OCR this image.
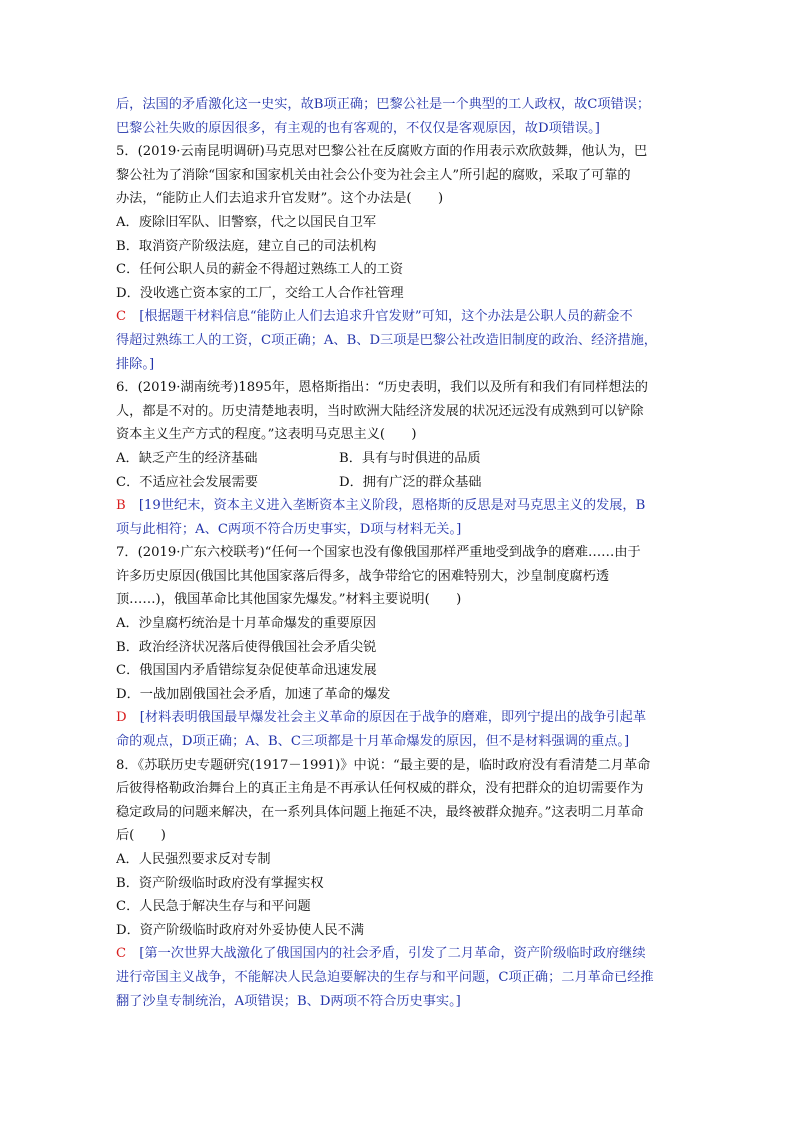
后，法国的矛盾激化这一史实，故B项正确；巴黎公社是一个典型的工人政权，故C项错误；
巴黎公社失败的原因很多，有主观的也有客观的，不仅仅是客观原因，故D项错误。]
5．(2019·云南昆明调研)马克思对巴黎公社在反腐败方面的作用表示欢欣鼓舞，他认为，巴
黎公社为了消除“国家和国家机关由社会公仆变为社会主人”所引起的腐败，采取了可靠的
办法，“能防止人们去追求升官发财”。这个办法是(　　)
A．废除旧军队、旧警察，代之以国民自卫军
B．取消资产阶级法庭，建立自己的司法机构
C．任何公职人员的薪金不得超过熟练工人的工资
D．没收逃亡资本家的工厂，交给工人合作社管理
C　[根据题干材料信息“能防止人们去追求升官发财”可知，这个办法是公职人员的薪金不
得超过熟练工人的工资，C项正确；A、B、D三项是巴黎公社改造旧制度的政治、经济措施，
排除。]
6．(2019·湖南统考)1895年，恩格斯指出：“历史表明，我们以及所有和我们有同样想法的
人，都是不对的。历史清楚地表明，当时欧洲大陆经济发展的状况还远没有成熟到可以铲除
资本主义生产方式的程度。”这表明马克思主义(　　)
A．缺乏产生的经济基础	B．具有与时俱进的品质
C．不适应社会发展需要	D．拥有广泛的群众基础
B　[19世纪末，资本主义进入垄断资本主义阶段，恩格斯的反思是对马克思主义的发展，B
项与此相符；A、C两项不符合历史事实，D项与材料无关。]
7．(2019·广东六校联考)“任何一个国家也没有像俄国那样严重地受到战争的磨难……由于
许多历史原因(俄国比其他国家落后得多，战争带给它的困难特别大，沙皇制度腐朽透
顶……)，俄国革命比其他国家先爆发。”材料主要说明(　　)
A．沙皇腐朽统治是十月革命爆发的重要原因
B．政治经济状况落后使得俄国社会矛盾尖锐
C．俄国国内矛盾错综复杂促使革命迅速发展
D．一战加剧俄国社会矛盾，加速了革命的爆发
D　[材料表明俄国最早爆发社会主义革命的原因在于战争的磨难，即列宁提出的战争引起革
命的观点，D项正确；A、B、C三项都是十月革命爆发的原因，但不是材料强调的重点。]
8．《苏联历史专题研究(1917－1991)》中说：“最主要的是，临时政府没有看清楚二月革命
后彼得格勒政治舞台上的真正主角是不再承认任何权威的群众，没有把群众的迫切需要作为
稳定政局的问题来解决，在一系列具体问题上拖延不决，最终被群众抛弃。”这表明二月革命
后(　　)
A．人民强烈要求反对专制
B．资产阶级临时政府没有掌握实权
C．人民急于解决生存与和平问题
D．资产阶级临时政府对外妥协使人民不满
C　[第一次世界大战激化了俄国国内的社会矛盾，引发了二月革命，资产阶级临时政府继续
进行帝国主义战争，不能解决人民急迫要解决的生存与和平问题，C项正确；二月革命已经推
翻了沙皇专制统治，A项错误；B、D两项不符合历史事实。]
